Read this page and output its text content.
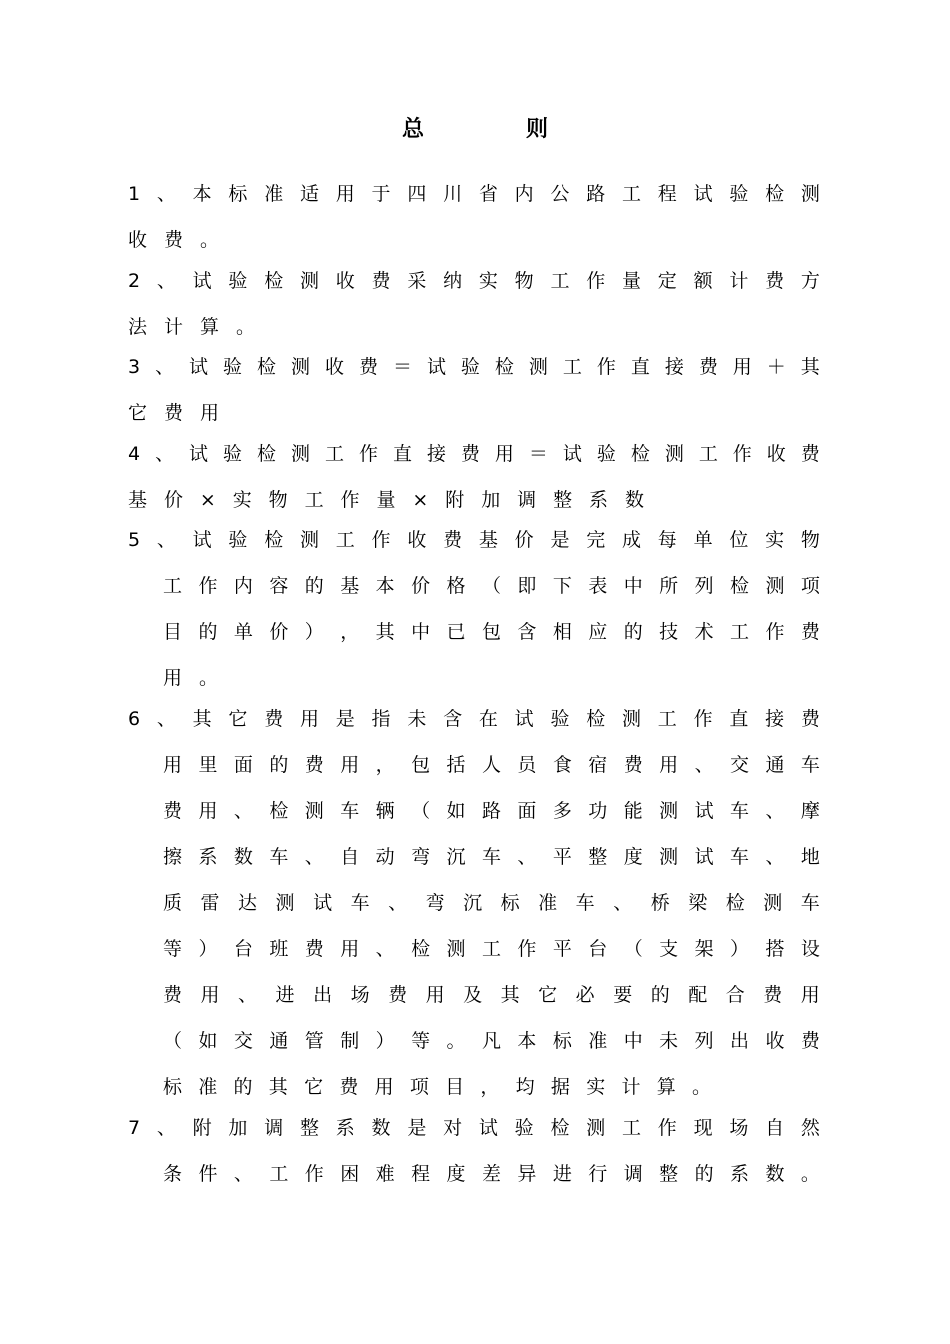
总　则
1 、 本 标 准 适 用 于 四 川 省 内 公 路 工 程 试 验 检 测
收 费 。
2 、 试 验 检 测 收 费 采 纳 实 物 工 作 量 定 额 计 费 方
法 计 算 。
3 、 试 验 检 测 收 费 ＝ 试 验 检 测 工 作 直 接 费 用 ＋ 其
它 费 用
4 、 试 验 检 测 工 作 直 接 费 用 ＝ 试 验 检 测 工 作 收 费
基 价 × 实 物 工 作 量 × 附 加 调 整 系 数
5 、 试 验 检 测 工 作 收 费 基 价 是 完 成 每 单 位 实 物
工 作 内 容 的 基 本 价 格 （ 即 下 表 中 所 列 检 测 项
目 的 单 价 ） ， 其 中 已 包 含 相 应 的 技 术 工 作 费
用 。
6 、 其 它 费 用 是 指 未 含 在 试 验 检 测 工 作 直 接 费
用 里 面 的 费 用 ， 包 括 人 员 食 宿 费 用 、 交 通 车
费 用 、 检 测 车 辆 （ 如 路 面 多 功 能 测 试 车 、 摩
擦 系 数 车 、 自 动 弯 沉 车 、 平 整 度 测 试 车 、 地
质 雷 达 测 试 车 、 弯 沉 标 准 车 、 桥 梁 检 测 车
等 ） 台 班 费 用 、 检 测 工 作 平 台 （ 支 架 ） 搭 设
费 用 、 进 出 场 费 用 及 其 它 必 要 的 配 合 费 用
（ 如 交 通 管 制 ） 等 。 凡 本 标 准 中 未 列 出 收 费
标 准 的 其 它 费 用 项 目 ， 均 据 实 计 算 。
7 、 附 加 调 整 系 数 是 对 试 验 检 测 工 作 现 场 自 然
条 件 、 工 作 困 难 程 度 差 异 进 行 调 整 的 系 数 。
